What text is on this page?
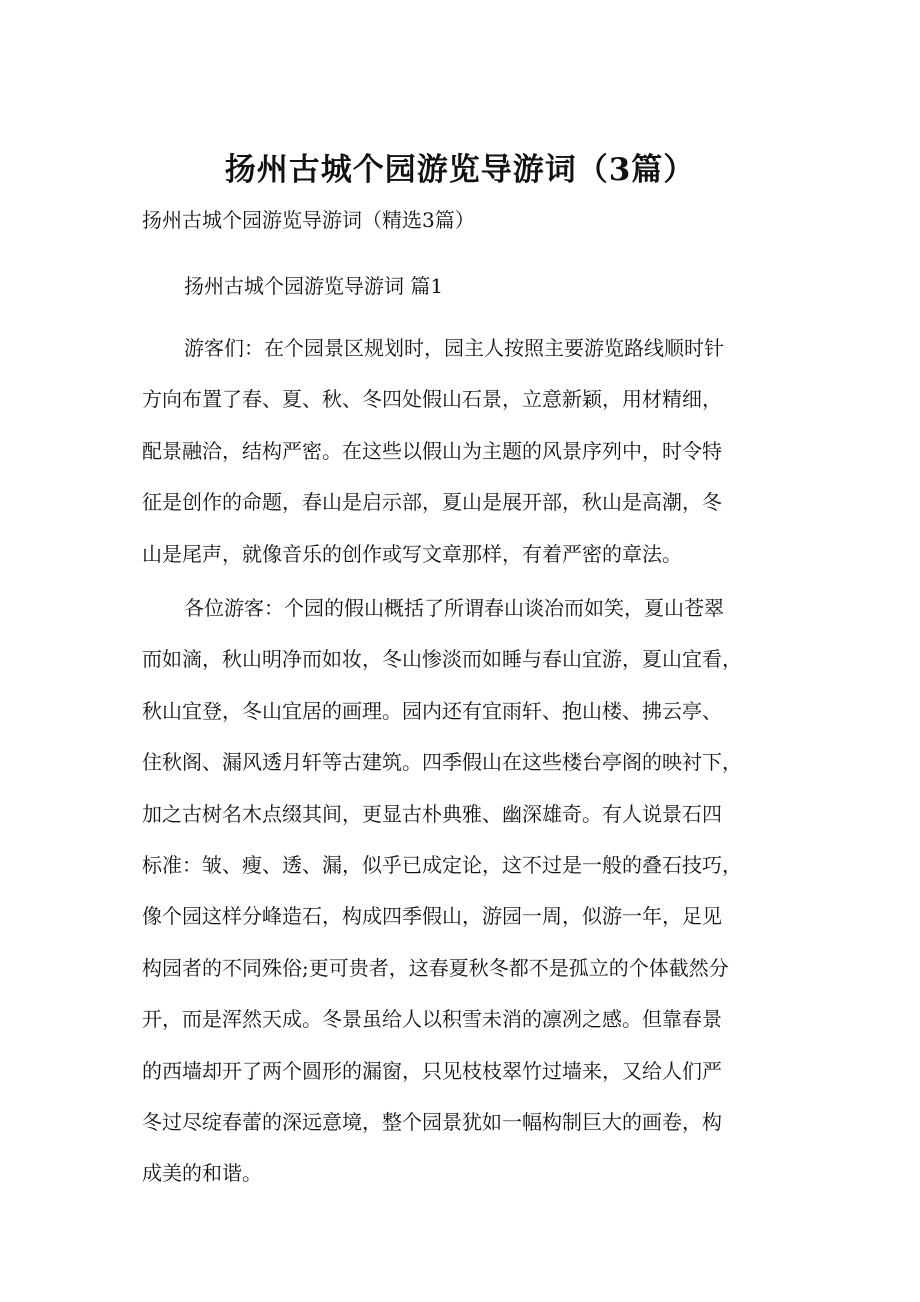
扬州古城个园游览导游词（3篇）

扬州古城个园游览导游词（精选3篇）

扬州古城个园游览导游词 篇1

游客们：在个园景区规划时，园主人按照主要游览路线顺时针
方向布置了春、夏、秋、冬四处假山石景，立意新颖，用材精细，
配景融洽，结构严密。在这些以假山为主题的风景序列中，时令特
征是创作的命题，春山是启示部，夏山是展开部，秋山是高潮，冬
山是尾声，就像音乐的创作或写文章那样，有着严密的章法。
各位游客：个园的假山概括了所谓春山谈冶而如笑，夏山苍翠
而如滴，秋山明净而如妆，冬山惨淡而如睡与春山宜游，夏山宜看，
秋山宜登，冬山宜居的画理。园内还有宜雨轩、抱山楼、拂云亭、
住秋阁、漏风透月轩等古建筑。四季假山在这些楼台亭阁的映衬下，
加之古树名木点缀其间，更显古朴典雅、幽深雄奇。有人说景石四
标准：皱、瘦、透、漏，似乎已成定论，这不过是一般的叠石技巧，
像个园这样分峰造石，构成四季假山，游园一周，似游一年，足见
构园者的不同殊俗;更可贵者，这春夏秋冬都不是孤立的个体截然分
开，而是浑然天成。冬景虽给人以积雪未消的凛冽之感。但靠春景
的西墙却开了两个圆形的漏窗，只见枝枝翠竹过墙来，又给人们严
冬过尽绽春蕾的深远意境，整个园景犹如一幅构制巨大的画卷，构
成美的和谐。
